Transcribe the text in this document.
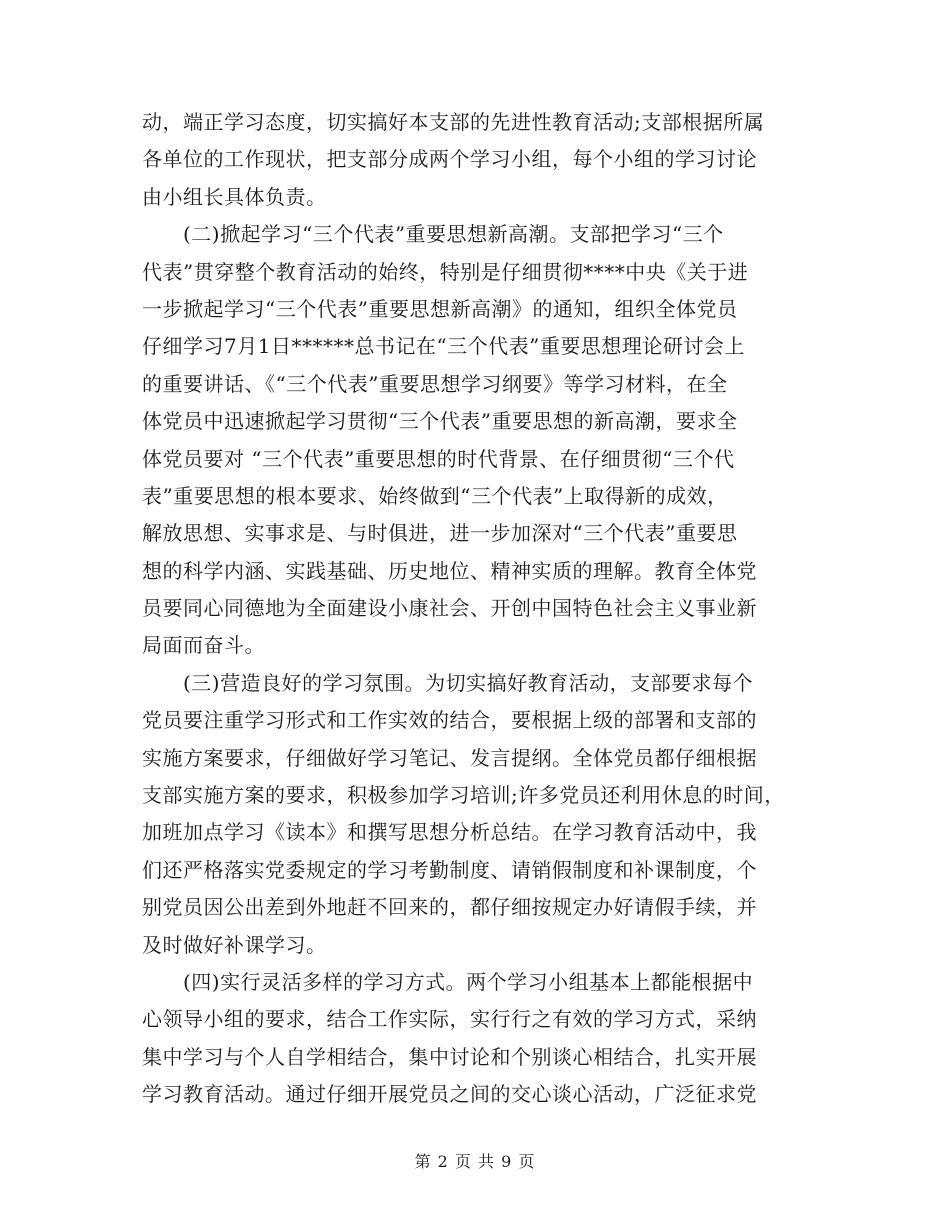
动，端正学习态度，切实搞好本支部的先进性教育活动;支部根据所属
各单位的工作现状，把支部分成两个学习小组，每个小组的学习讨论
由小组长具体负责。

　　(二)掀起学习“三个代表”重要思想新高潮。支部把学习“三个
代表”贯穿整个教育活动的始终，特别是仔细贯彻****中央《关于进
一步掀起学习“三个代表”重要思想新高潮》的通知，组织全体党员
仔细学习7月1日******总书记在“三个代表”重要思想理论研讨会上
的重要讲话、《“三个代表”重要思想学习纲要》等学习材料，在全
体党员中迅速掀起学习贯彻“三个代表”重要思想的新高潮，要求全
体党员要对 “三个代表”重要思想的时代背景、在仔细贯彻“三个代
表”重要思想的根本要求、始终做到“三个代表”上取得新的成效，
解放思想、实事求是、与时俱进，进一步加深对“三个代表”重要思
想的科学内涵、实践基础、历史地位、精神实质的理解。教育全体党
员要同心同德地为全面建设小康社会、开创中国特色社会主义事业新
局面而奋斗。

　　(三)营造良好的学习氛围。为切实搞好教育活动，支部要求每个
党员要注重学习形式和工作实效的结合，要根据上级的部署和支部的
实施方案要求，仔细做好学习笔记、发言提纲。全体党员都仔细根据
支部实施方案的要求，积极参加学习培训;许多党员还利用休息的时间，
加班加点学习《读本》和撰写思想分析总结。在学习教育活动中，我
们还严格落实党委规定的学习考勤制度、请销假制度和补课制度，个
别党员因公出差到外地赶不回来的，都仔细按规定办好请假手续，并
及时做好补课学习。

　　(四)实行灵活多样的学习方式。两个学习小组基本上都能根据中
心领导小组的要求，结合工作实际，实行行之有效的学习方式，采纳
集中学习与个人自学相结合，集中讨论和个别谈心相结合，扎实开展
学习教育活动。通过仔细开展党员之间的交心谈心活动，广泛征求党

第 2 页 共 9 页
